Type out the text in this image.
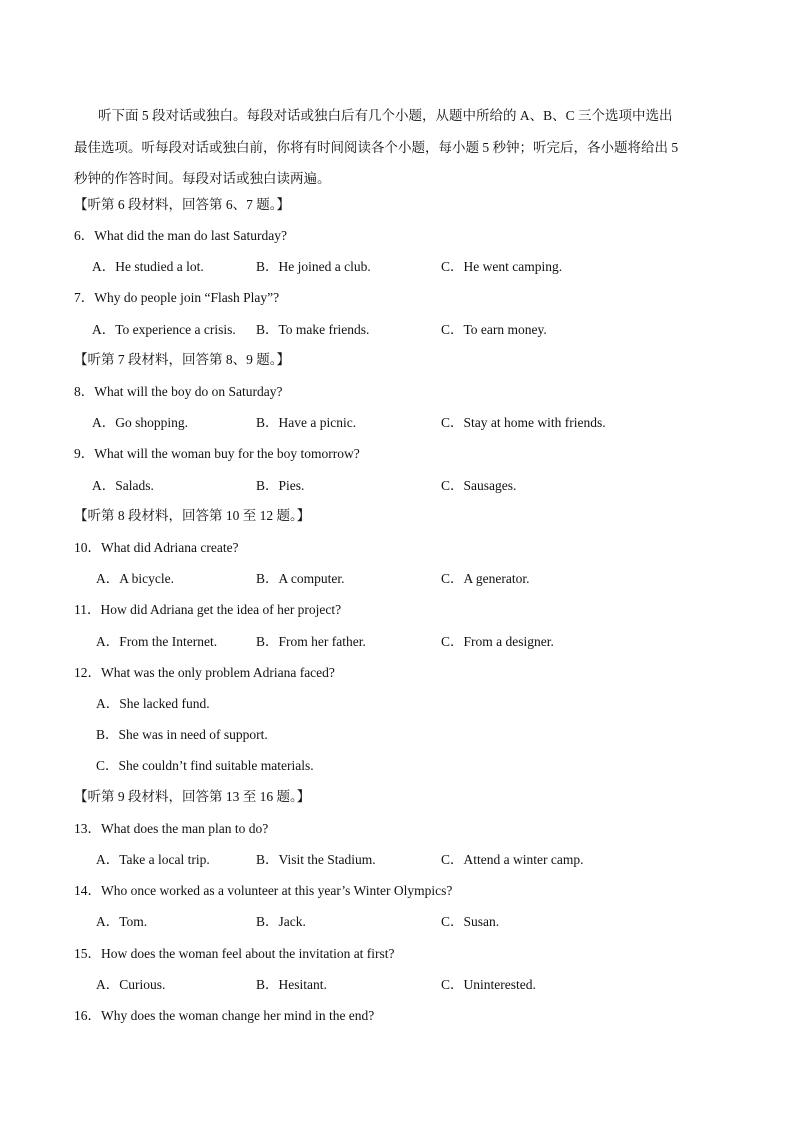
听下面 5 段对话或独白。每段对话或独白后有几个小题，从题中所给的 A、B、C 三个选项中选出最佳选项。听每段对话或独白前，你将有时间阅读各个小题，每小题 5 秒钟；听完后，各小题将给出 5 秒钟的作答时间。每段对话或独白读两遍。
【听第 6 段材料，回答第 6、7 题。】
6．What did the man do last Saturday?
A．He studied a lot.	B．He joined a club.	C．He went camping.
7．Why do people join “Flash Play”?
A．To experience a crisis. B．To make friends.	C．To earn money.
【听第 7 段材料，回答第 8、9 题。】
8．What will the boy do on Saturday?
A．Go shopping.	B．Have a picnic.	C．Stay at home with friends.
9．What will the woman buy for the boy tomorrow?
A．Salads.	B．Pies.	C．Sausages.
【听第 8 段材料，回答第 10 至 12 题。】
10．What did Adriana create?
A．A bicycle.	B．A computer.	C．A generator.
11．How did Adriana get the idea of her project?
A．From the Internet.	B．From her father.	C．From a designer.
12．What was the only problem Adriana faced?
A．She lacked fund.
B．She was in need of support.
C．She couldn’t find suitable materials.
【听第 9 段材料，回答第 13 至 16 题。】
13．What does the man plan to do?
A．Take a local trip.	B．Visit the Stadium.	C．Attend a winter camp.
14．Who once worked as a volunteer at this year’s Winter Olympics?
A．Tom.	B．Jack.	C．Susan.
15．How does the woman feel about the invitation at first?
A．Curious.	B．Hesitant.	C．Uninterested.
16．Why does the woman change her mind in the end?
